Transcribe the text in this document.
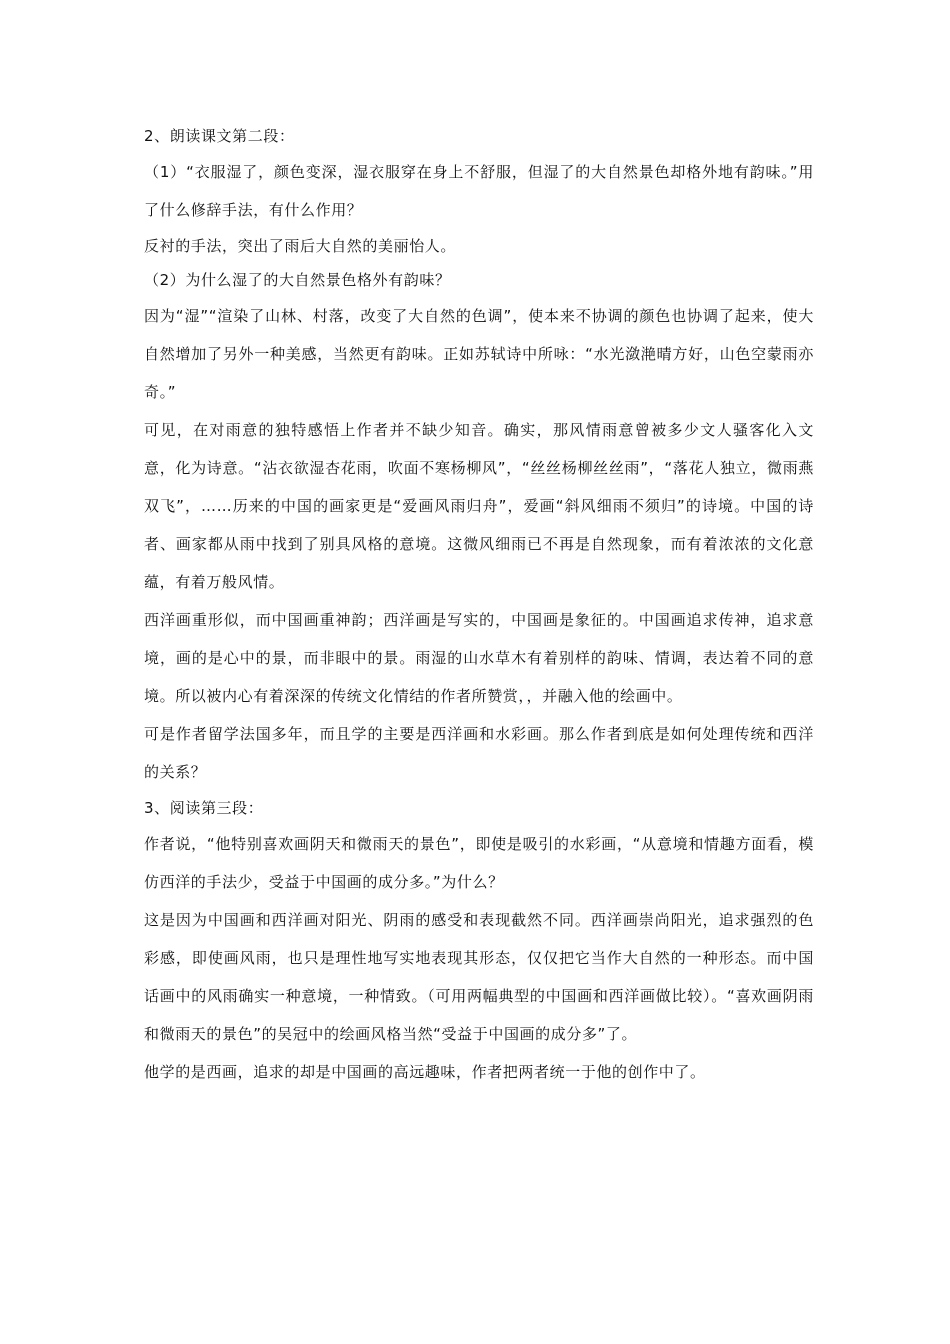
2、朗读课文第二段：

（1）“衣服湿了，颜色变深，湿衣服穿在身上不舒服，但湿了的大自然景色却格外地有韵味。”用了什么修辞手法，有什么作用？

反衬的手法，突出了雨后大自然的美丽怡人。

（2）为什么湿了的大自然景色格外有韵味？

因为“湿”“渲染了山林、村落，改变了大自然的色调”，使本来不协调的颜色也协调了起来，使大自然增加了另外一种美感，当然更有韵味。正如苏轼诗中所咏：“水光潋滟晴方好，山色空蒙雨亦奇。”

可见，在对雨意的独特感悟上作者并不缺少知音。确实，那风情雨意曾被多少文人骚客化入文意，化为诗意。“沾衣欲湿杏花雨，吹面不寒杨柳风”，“丝丝杨柳丝丝雨”，“落花人独立，微雨燕双飞”，……历来的中国的画家更是“爱画风雨归舟”，爱画“斜风细雨不须归”的诗境。中国的诗者、画家都从雨中找到了别具风格的意境。这微风细雨已不再是自然现象，而有着浓浓的文化意蕴，有着万般风情。

西洋画重形似，而中国画重神韵；西洋画是写实的，中国画是象征的。中国画追求传神，追求意境，画的是心中的景，而非眼中的景。雨湿的山水草木有着别样的韵味、情调，表达着不同的意境。所以被内心有着深深的传统文化情结的作者所赞赏，，并融入他的绘画中。

可是作者留学法国多年，而且学的主要是西洋画和水彩画。那么作者到底是如何处理传统和西洋的关系？

3、阅读第三段：

作者说，“他特别喜欢画阴天和微雨天的景色”，即使是吸引的水彩画，“从意境和情趣方面看，模仿西洋的手法少，受益于中国画的成分多。”为什么？

这是因为中国画和西洋画对阳光、阴雨的感受和表现截然不同。西洋画崇尚阳光，追求强烈的色彩感，即使画风雨，也只是理性地写实地表现其形态，仅仅把它当作大自然的一种形态。而中国话画中的风雨确实一种意境，一种情致。（可用两幅典型的中国画和西洋画做比较）。“喜欢画阴雨和微雨天的景色”的吴冠中的绘画风格当然“受益于中国画的成分多”了。

他学的是西画，追求的却是中国画的高远趣味，作者把两者统一于他的创作中了。
